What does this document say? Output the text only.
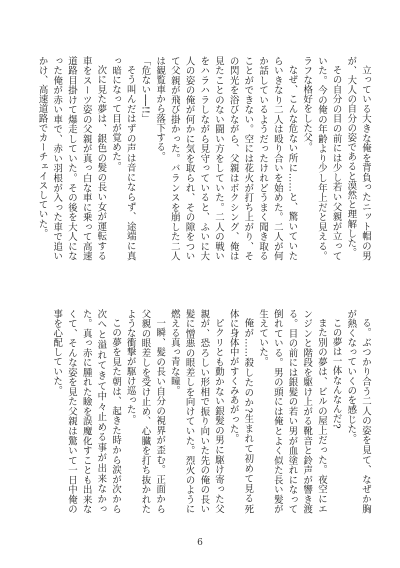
立っている大きな俺を背負ったニット帽の男が、大人の自分の姿であると漠然と理解した。
その自分の目の前には少し若い父親が立っていた。今の俺の年齢より少し年上だと見える。ラフな格好をした父。
なぜ、こんな危ない所に……と、驚いていたらいきなり二人は殴り合いを始めた。二人が何か話しているようだったけれどうまく聞き取ることができない。空には花火が打ち上がり、その閃光を浴びながら、父親はボクシング、俺は見たことのない闘い方をしていた。二人の戦いをハラハラしながら見守っていると、ふいに大人の姿の俺が何かに気を取られ、その隙をついて父親が飛び掛かった。バランスを崩した二人は観覧車から落下する。
「危ない──!!」
そう叫んだはずの声は音にならず、途端に真っ暗になって目が覚めた。
次に見た夢は、銀色の髪の長い女が運転する車をスーツ姿の父親が真っ白な車に乗って高速道路目掛けて爆走していた。その後を大人になった俺が赤い車で、赤い羽根が入った車で追いかけ、高速道路でカーチェイスしていた。
る。ぶつかり合う二人の姿を見て、なぜか胸が熱くなっていくのを感じた。
この夢は一体なんなんだ?
また別の夢は、ビルの屋上だった。夜空にエンジンと階段を駆け上がる靴音と鈴声が響き渡る。目の前には銀髪の若い男が血塗れになって倒れている。男の頭には俺とよく似た長い髪が生えていた。
俺が……殺したのか?生まれて初めて見る死体に身体中がすくみあがった。
ピクリとも動かない銀髪の男に駆け寄った父親が、恐ろしい形相で振り向いた先の俺の長い髪に憎悪の眼差しを向けていた。烈火のように燃える真っ青な瞳。
一瞬、髪の長い自分の視界が歪む。正面から父親の眼差しを受け止め、心臓を打ち抜かれたような衝撃が駆け巡った。
この夢を見た朝は、起きた時から涙が次から次へと溢れてきて中々止める事が出来なかった。真っ赤に腫れた瞼を誤魔化すことも出来なくて、そんな姿を見た父親は驚いて一日中俺の事を心配していた。
6
